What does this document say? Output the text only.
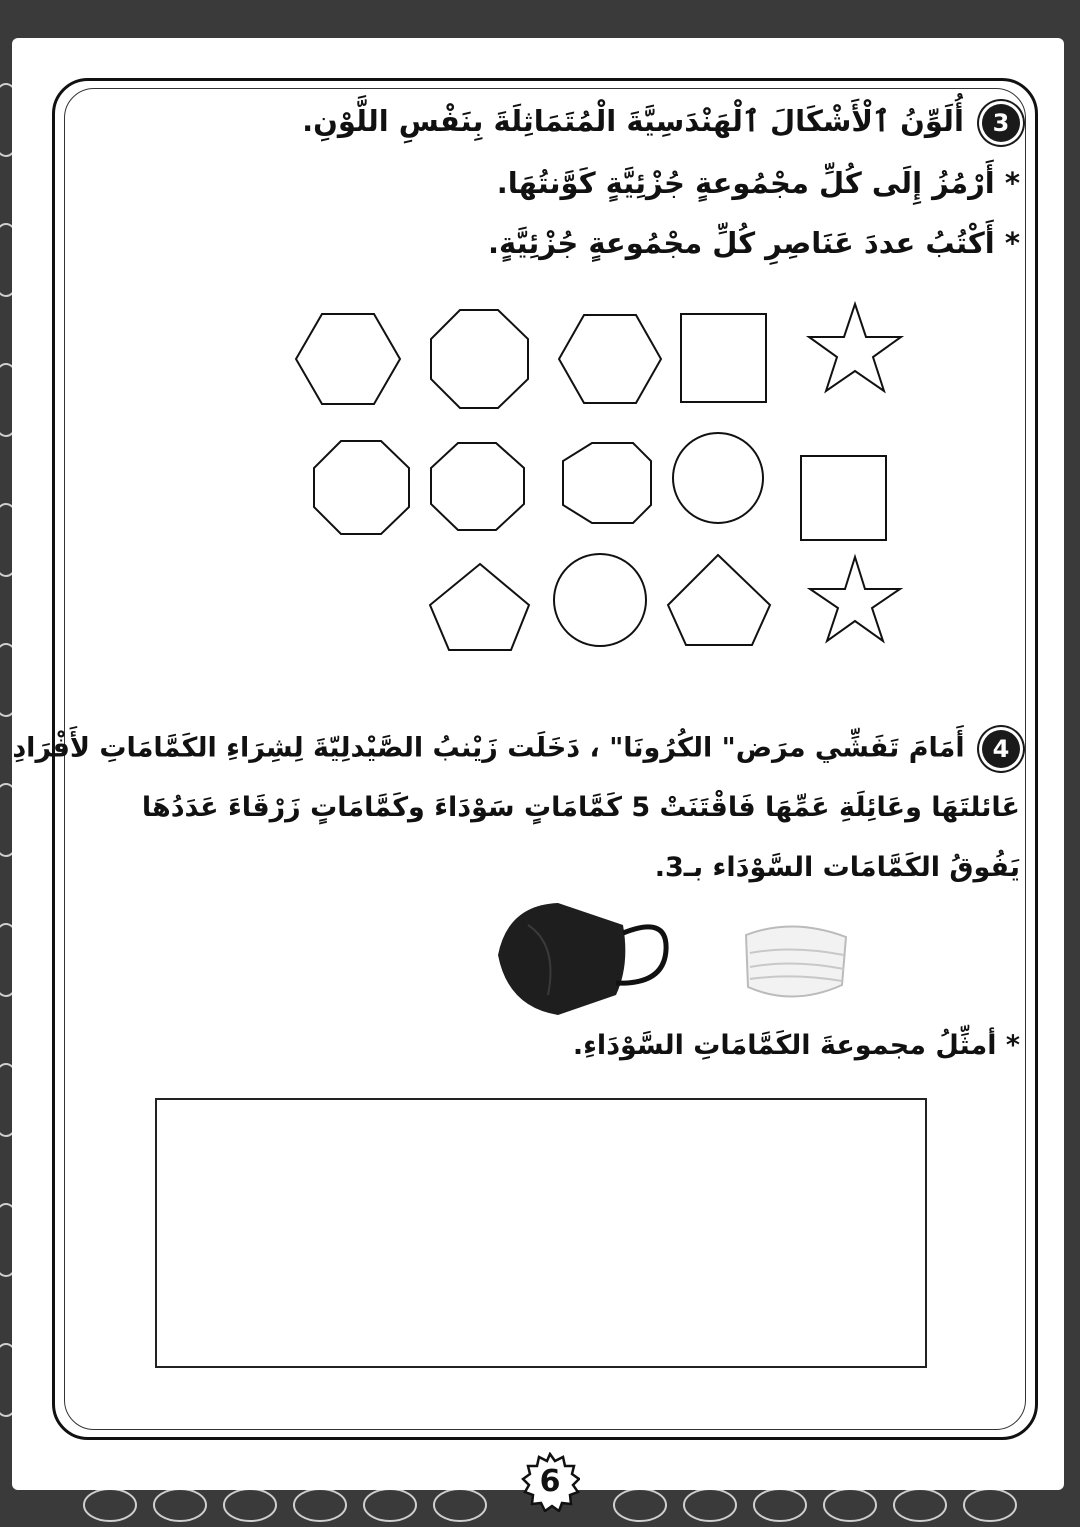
3 أُلَوِّنُ ٱلْأَشْكَالَ ٱلْهَنْدَسِيَّةَ الْمُتَمَاثِلَةَ بِنَفْسِ اللَّوْنِ.
* أَرْمُزُ إِلَى كُلِّ مجْمُوعةٍ جُزْئِيَّةٍ كَوَّنتُهَا.
* أَكْتُبُ عددَ عَنَاصِرِ كُلِّ مجْمُوعةٍ جُزْئِيَّةٍ.
4 أَمَامَ تَفَشِّي مرَض" الكُرُونَا" ، دَخَلَت زَيْنبُ الصَّيْدلِيّةَ لِشِرَاءِ الكَمَّامَاتِ لأَفْرَادِ
عَائلتَهَا وعَائِلَةِ عَمِّهَا فَاقْتَنَتْ 5 كَمَّامَاتٍ سَوْدَاءَ وكَمَّامَاتٍ زَرْقَاءَ عَدَدُهَا
يَفُوقُ الكَمَّامَات السَّوْدَاء بـ3.
* أمثِّلُ مجموعةَ الكَمَّامَاتِ السَّوْدَاءِ.
6
